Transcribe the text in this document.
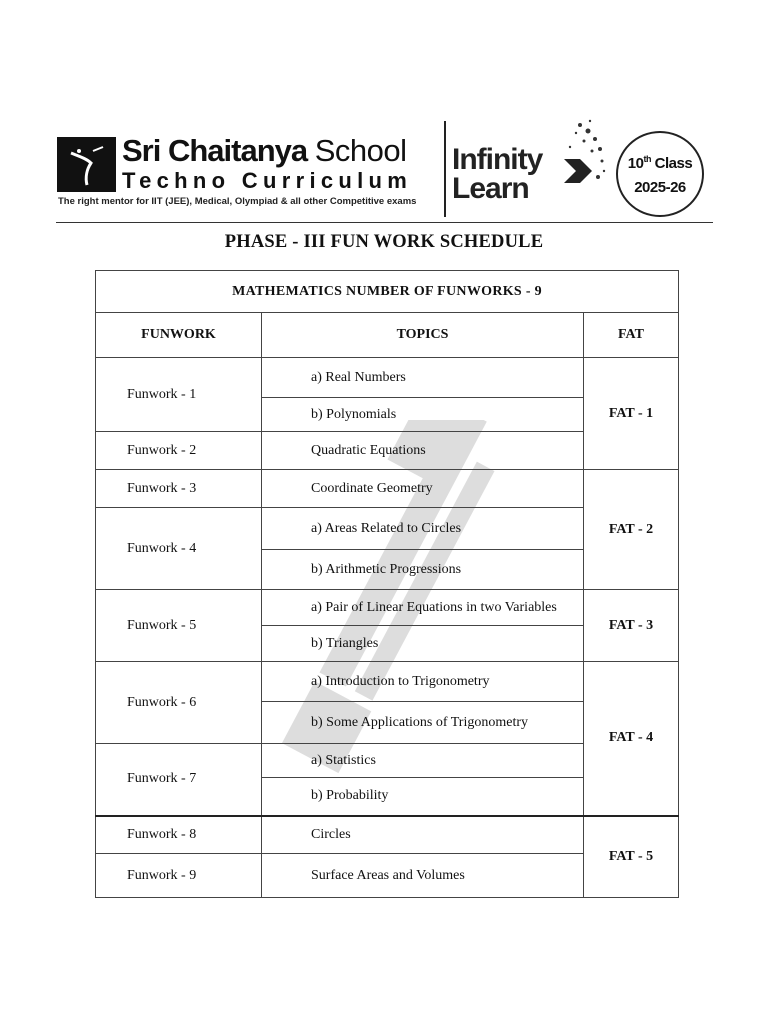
Sri Chaitanya School
Techno Curriculum
The right mentor for IIT (JEE), Medical, Olympiad & all other Competitive exams
Infinity
Learn
10th Class
2025-26
PHASE - III FUN WORK SCHEDULE
MATHEMATICS NUMBER OF FUNWORKS - 9		
FUNWORK	TOPICS	FAT
Funwork - 1	a) Real Numbers	FAT - 1
	b) Polynomials	
Funwork - 2	Quadratic Equations	
Funwork - 3	Coordinate Geometry	FAT - 2
Funwork - 4	a) Areas Related to Circles	
	b) Arithmetic Progressions	
Funwork - 5	a) Pair of Linear Equations in two Variables	FAT - 3
	b) Triangles	
Funwork - 6	a) Introduction to Trigonometry	FAT - 4
	b) Some Applications of Trigonometry	
Funwork - 7	a) Statistics	
	b) Probability	
Funwork - 8	Circles	FAT - 5
Funwork - 9	Surface Areas and Volumes	
